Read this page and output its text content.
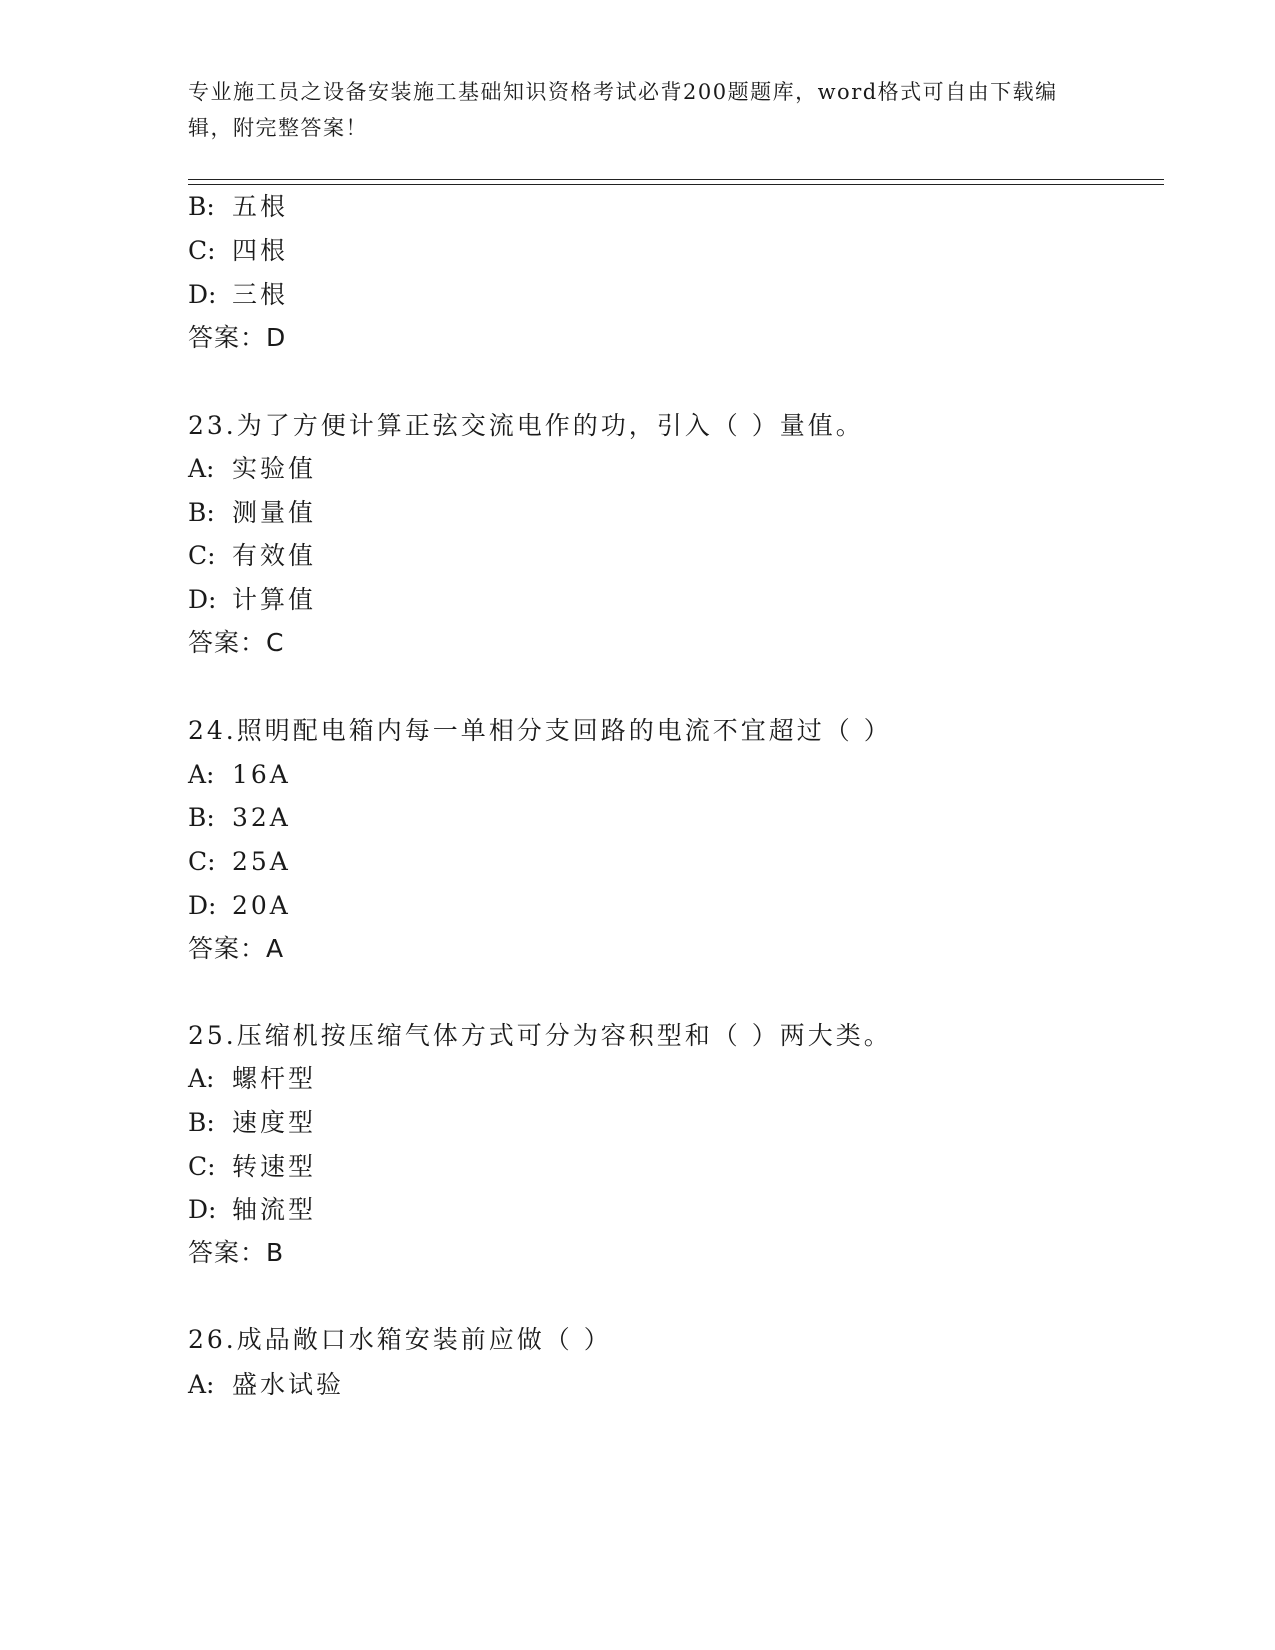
专业施工员之设备安装施工基础知识资格考试必背200题题库，word格式可自由下载编辑，附完整答案！
B: 五根
C: 四根
D: 三根
答案：D
23.为了方便计算正弦交流电作的功，引入（ ）量值。
A: 实验值
B: 测量值
C: 有效值
D: 计算值
答案：C
24.照明配电箱内每一单相分支回路的电流不宜超过（ ）
A: 16A
B: 32A
C: 25A
D: 20A
答案：A
25.压缩机按压缩气体方式可分为容积型和（ ）两大类。
A: 螺杆型
B: 速度型
C: 转速型
D: 轴流型
答案：B
26.成品敞口水箱安装前应做（ ）
A: 盛水试验
